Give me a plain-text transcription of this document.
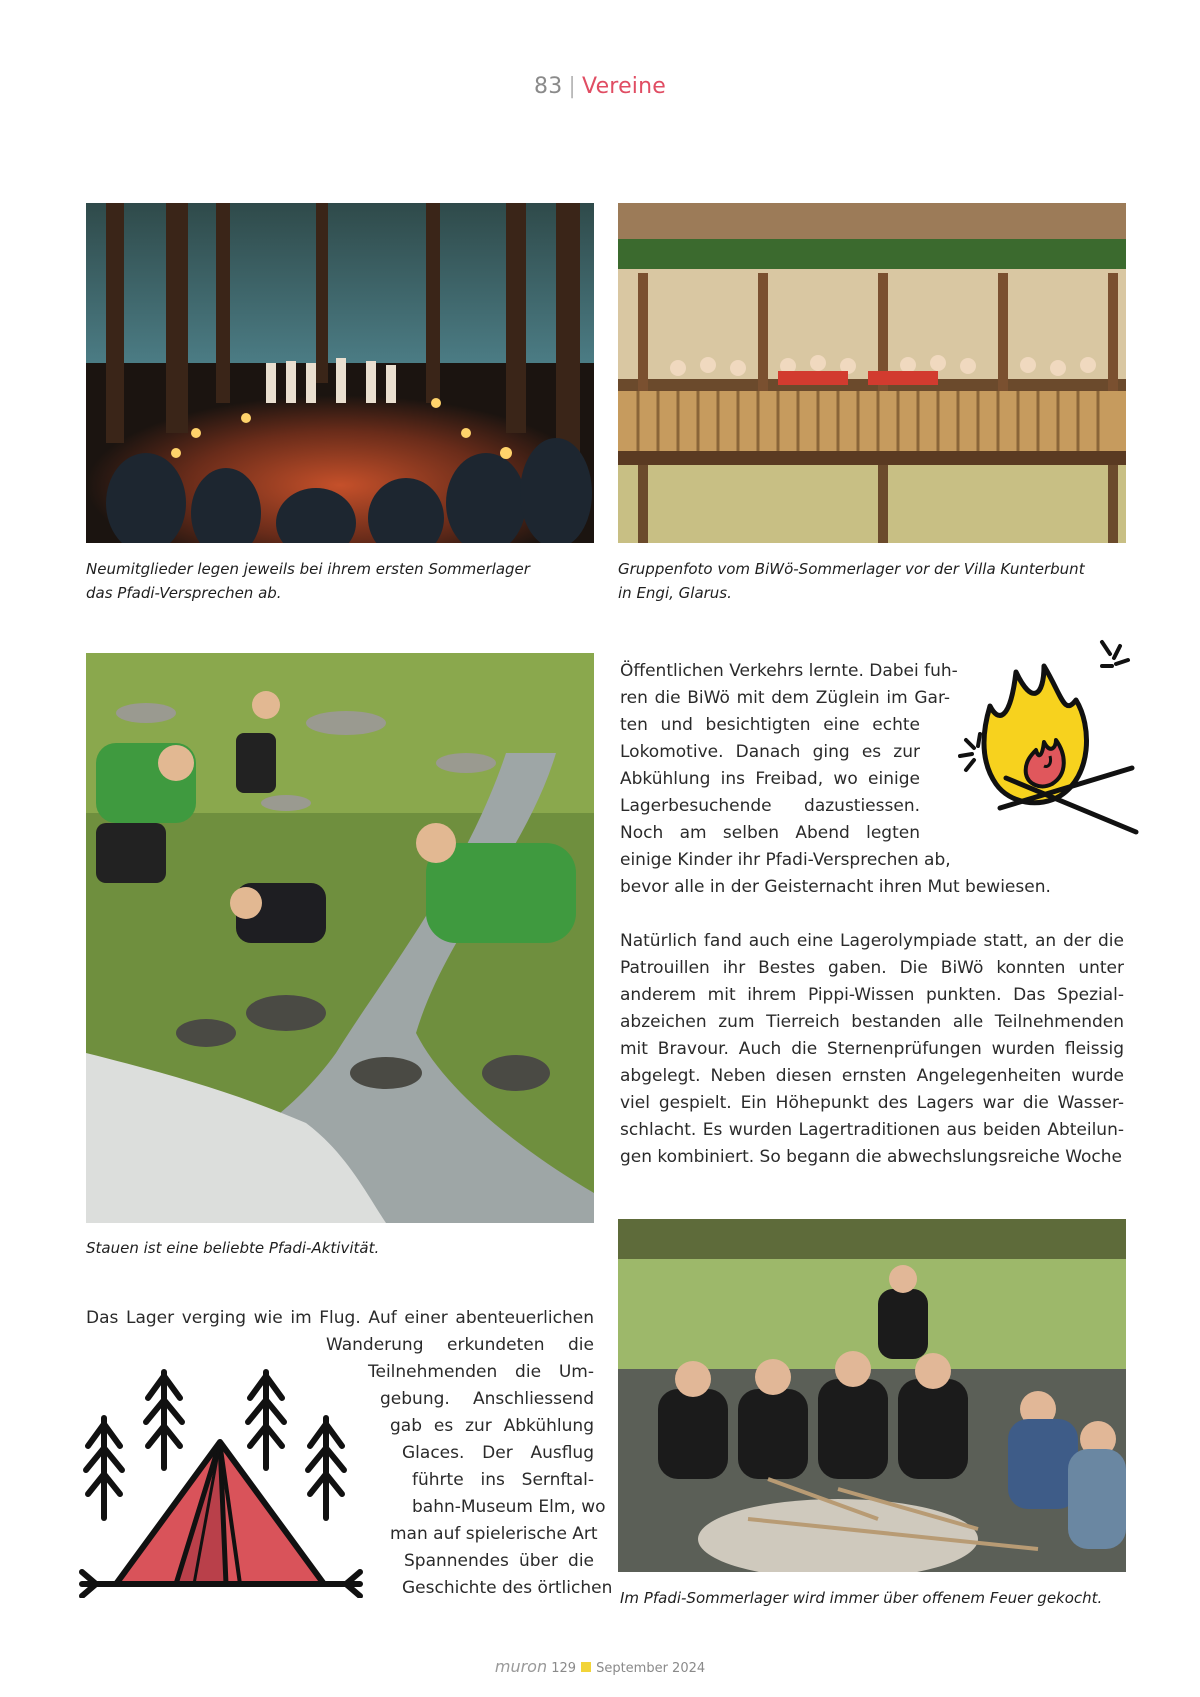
83 | Vereine
Neumitglieder legen jeweils bei ihrem ersten Sommerlager
das Pfadi-Versprechen ab.
Gruppenfoto vom BiWö-Sommerlager vor der Villa Kunterbunt
in Engi, Glarus.
Stauen ist eine beliebte Pfadi-Aktivität.
Öffentlichen Verkehrs lernte. Dabei fuh-
ren die BiWö mit dem Züglein im Gar-
ten und besichtigten eine echte
Lokomotive. Danach ging es zur
Abkühlung ins Freibad, wo einige
Lagerbesuchende dazustiessen.
Noch am selben Abend legten
einige Kinder ihr Pfadi-Versprechen ab,
bevor alle in der Geisternacht ihren Mut bewiesen.

Natürlich fand auch eine Lagerolympiade statt, an der die Patrouillen ihr Bestes gaben. Die BiWö konnten unter anderem mit ihrem Pippi-Wissen punkten. Das Spezial-abzeichen zum Tierreich bestanden alle Teilnehmenden mit Bravour. Auch die Sternenprüfungen wurden fleissig abgelegt. Neben diesen ernsten Angelegenheiten wurde viel gespielt. Ein Höhepunkt des Lagers war die Wasser-schlacht. Es wurden Lagertraditionen aus beiden Abteilun-gen kombiniert. So begann die abwechslungsreiche Woche

Im Pfadi-Sommerlager wird immer über offenem Feuer gekocht.
Das Lager verging wie im Flug. Auf einer abenteuerlichen
Wanderung erkundeten die
Teilnehmenden die Um-
gebung. Anschliessend
gab es zur Abkühlung
Glaces. Der Ausflug
führte ins Sernftal-
bahn-Museum Elm, wo
man auf spielerische Art
Spannendes über die
Geschichte des örtlichen
muron 129 September 2024
